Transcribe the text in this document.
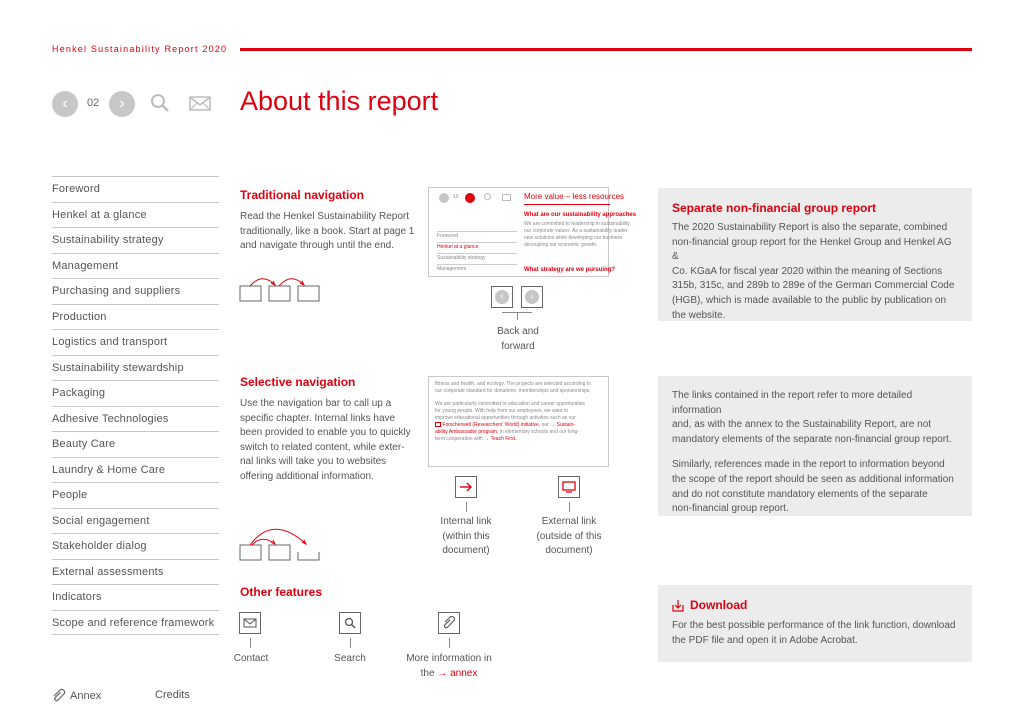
Henkel Sustainability Report 2020
‹	02	›	About this report
Foreword
Henkel at a glance
Sustainability strategy
Management
Purchasing and suppliers
Production
Logistics and transport
Sustainability stewardship
Packaging
Adhesive Technologies
Beauty Care
Laundry & Home Care
People
Social engagement
Stakeholder dialog
External assessments
Indicators
Scope and reference framework
Annex	Credits
Traditional navigation
Read the Henkel Sustainability Report
traditionally, like a book. Start at page 1
and navigate through until the end.
10	More value – less resources
What are our sustainability approaches
We are committed to leadership in sustainability
our corporate values. As a sustainability leader
new solutions while developing our business
decoupling our economic growth.
Foreword
Henkel at a glance
Sustainability strategy
Management	What strategy are we pursuing?
‹	›
Back and
forward
Selective navigation
Use the navigation bar to call up a
specific chapter. Internal links have
been provided to enable you to quickly
switch to related content, while exter-
nal links will take you to websites
offering additional information.
fitness and health, and ecology. The projects are selected according to
our corporate standard for donations, memberships and sponsorships.
We are particularly committed to education and career opportunities
for young people. With help from our employees, we want to
improve educational opportunities through activities such as our
Forscherwelt (Researchers' World) initiative, our → Sustain-
ability Ambassador program, in elementary schools and our long-
term cooperation with → Teach First.
Internal link
(within this
document)
External link
(outside of this
document)
Other features
Contact	Search	More information in
the → annex
Separate non-financial group report
The 2020 Sustainability Report is also the separate, combined
non-financial group report for the Henkel Group and Henkel AG &
Co. KGaA for fiscal year 2020 within the meaning of Sections
315b, 315c, and 289b to 289e of the German Commercial Code
(HGB), which is made available to the public by publication on
the website.
The links contained in the report refer to more detailed information
and, as with the annex to the Sustainability Report, are not
mandatory elements of the separate non-financial group report.
Similarly, references made in the report to information beyond
the scope of the report should be seen as additional information
and do not constitute mandatory elements of the separate
non-financial group report.
Download
For the best possible performance of the link function, download
the PDF file and open it in Adobe Acrobat.
